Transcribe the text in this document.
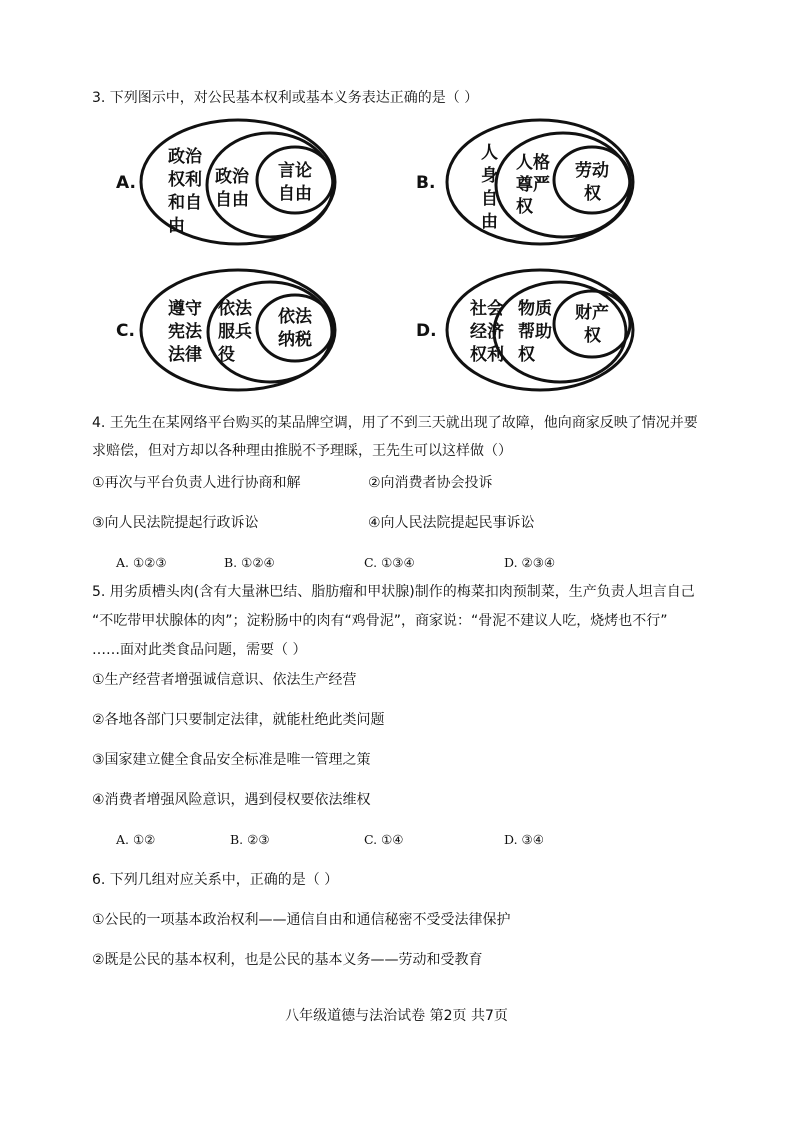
3. 下列图示中，对公民基本权利或基本义务表达正确的是（ ）
A.
政治
权利
和自
由
政治
自由
言论
自由
B.
人
身
自
由
人格
尊严
权
劳动
权
C.
遵守
宪法
法律
依法
服兵
役
依法
纳税	D.
社会
经济
权利
物质
帮助
权
财产
权
4. 王先生在某网络平台购买的某品牌空调，用了不到三天就出现了故障，他向商家反映了情况并要
求赔偿，但对方却以各种理由推脱不予理睬，王先生可以这样做（）
①再次与平台负责人进行协商和解	②向消费者协会投诉
③向人民法院提起行政诉讼	④向人民法院提起民事诉讼
A. ①②③	B. ①②④	C. ①③④	D. ②③④
5. 用劣质槽头肉(含有大量淋巴结、脂肪瘤和甲状腺)制作的梅菜扣肉预制菜，生产负责人坦言自己
“不吃带甲状腺体的肉”；淀粉肠中的肉有“鸡骨泥”，商家说：“骨泥不建议人吃，烧烤也不行”
……面对此类食品问题，需要（ ）
①生产经营者增强诚信意识、依法生产经营
②各地各部门只要制定法律，就能杜绝此类问题
③国家建立健全食品安全标准是唯一管理之策
④消费者增强风险意识，遇到侵权要依法维权
A. ①②	B. ②③	C. ①④	D. ③④
6. 下列几组对应关系中，正确的是（ ）
①公民的一项基本政治权利——通信自由和通信秘密不受受法律保护
②既是公民的基本权利，也是公民的基本义务——劳动和受教育
八年级道德与法治试卷 第2页 共7页
